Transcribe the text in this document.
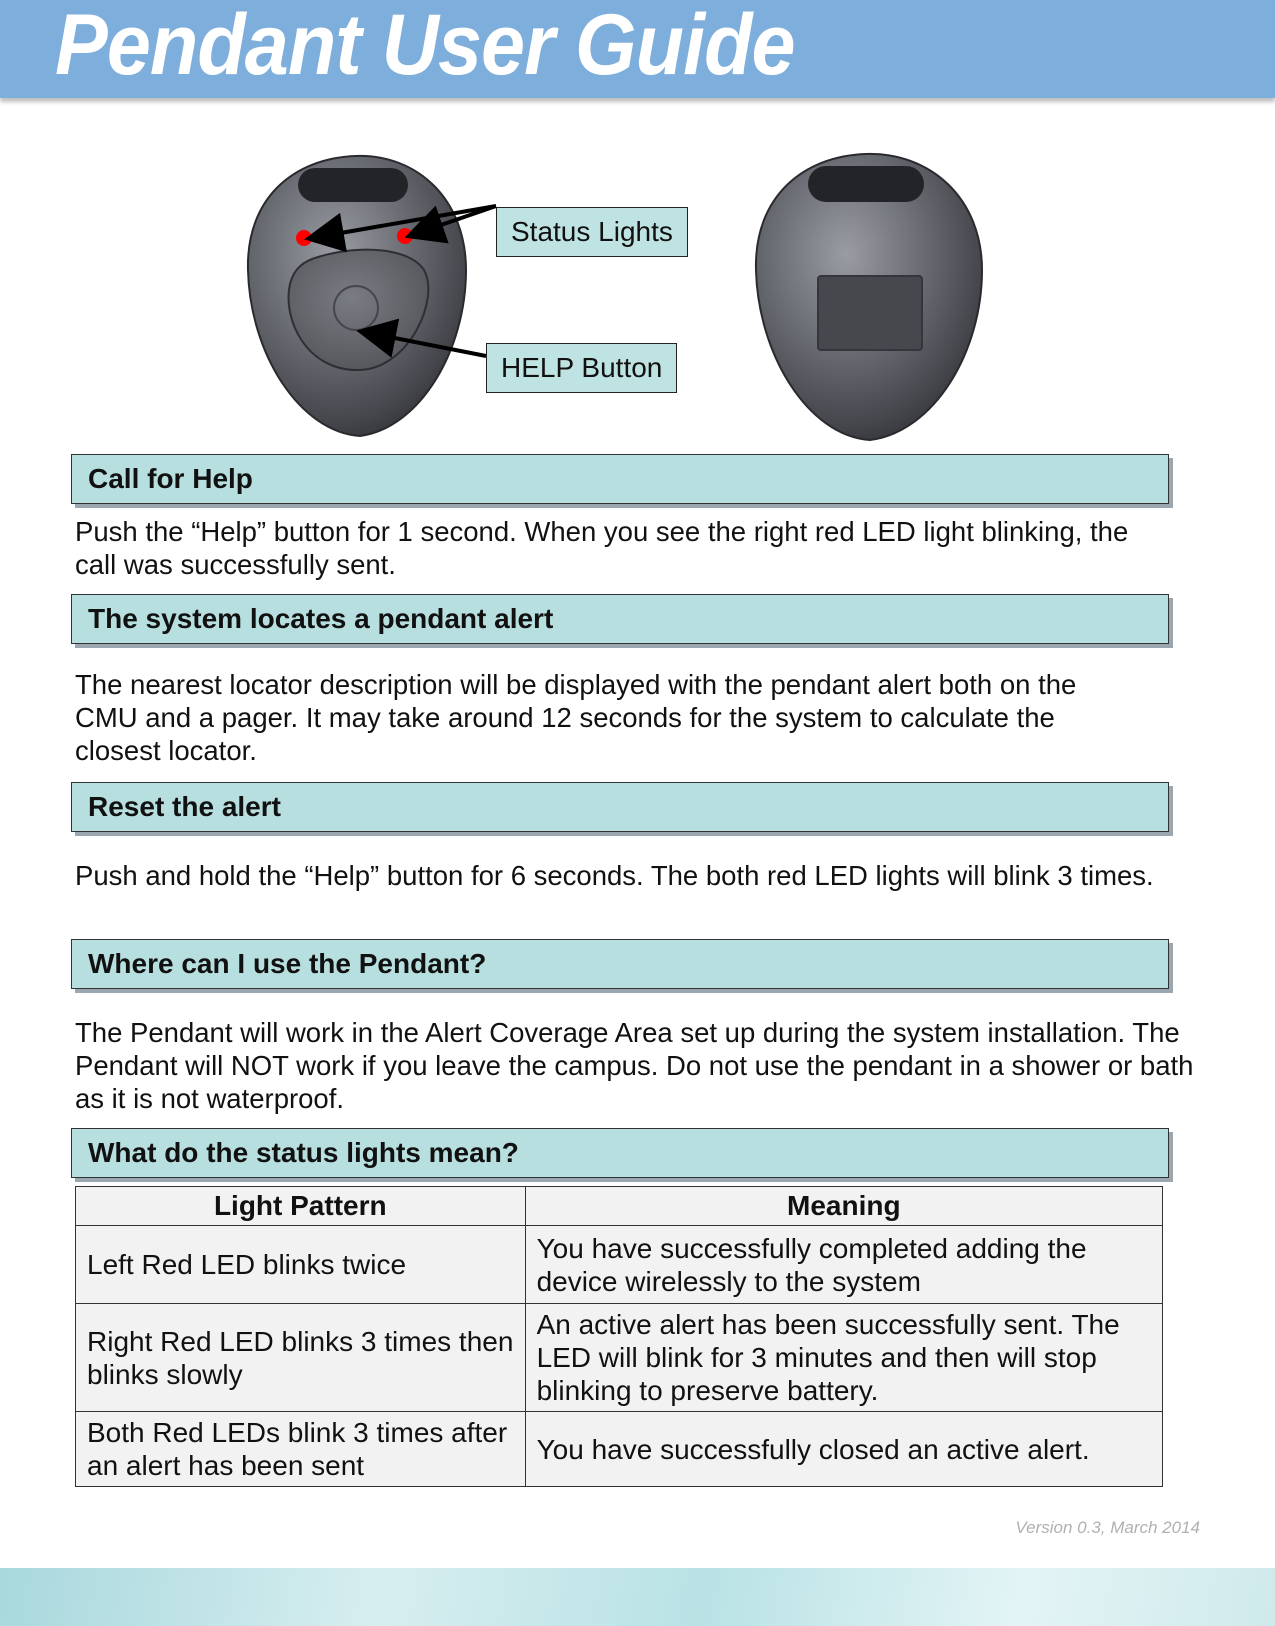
Pendant User Guide
Status Lights
HELP Button
Call for Help
Push the “Help” button for 1 second. When you see the right red LED light blinking, the call was successfully sent.
The system locates a pendant alert
The nearest locator description will be displayed with the pendant alert both on the CMU and a pager. It may take around 12 seconds for the system to calculate the closest locator.
Reset the alert
Push and hold the “Help” button for 6 seconds. The both red LED lights will blink 3 times.
Where can I use the Pendant?
The Pendant will work in the Alert Coverage Area set up during the system installation. The Pendant will NOT work if you leave the campus. Do not use the pendant in a shower or bath as it is not waterproof.
What do the status lights mean?
Light Pattern	Meaning
Left Red LED blinks twice	You have successfully completed adding the device wirelessly to the system
Right Red LED blinks 3 times then blinks slowly	An active alert has been successfully sent. The LED will blink for 3 minutes and then will stop blinking to preserve battery.
Both Red LEDs blink 3 times after an alert has been sent	You have successfully closed an active alert.
Version 0.3, March 2014
